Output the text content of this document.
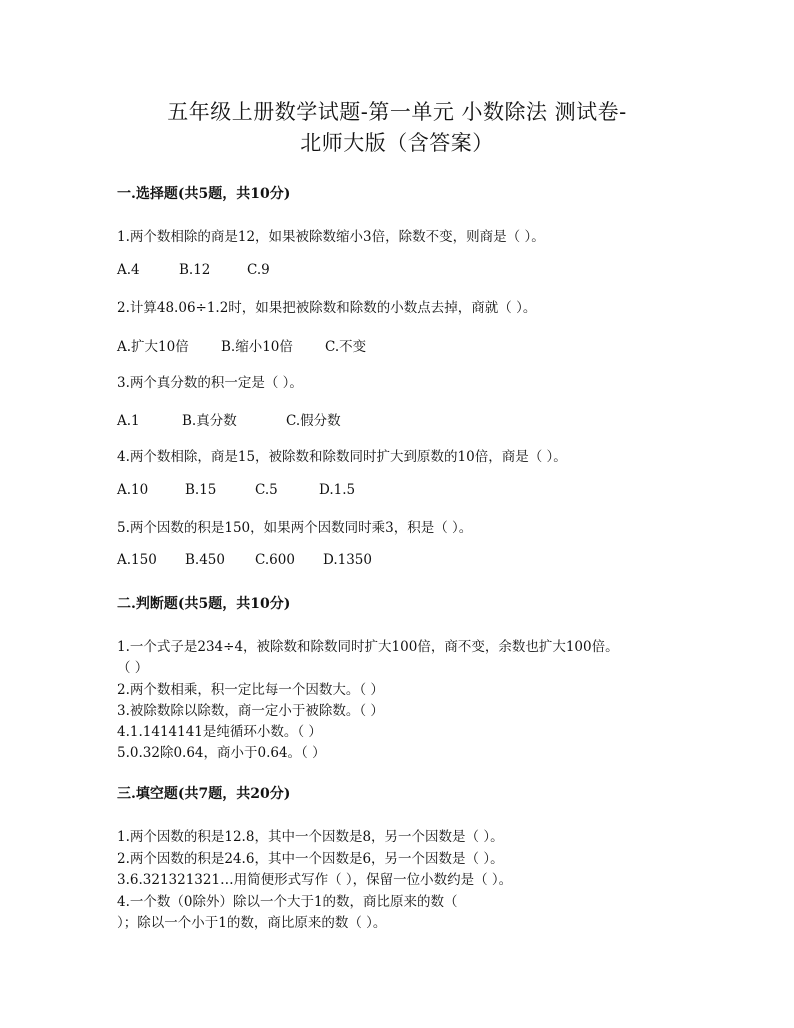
五年级上册数学试题-第一单元 小数除法 测试卷-
北师大版（含答案）
一.选择题(共5题，共10分)
1.两个数相除的商是12，如果被除数缩小3倍，除数不变，则商是（ ）。
A.4	B.12	C.9
2.计算48.06÷1.2时，如果把被除数和除数的小数点去掉，商就（ ）。
A.扩大10倍 B.缩小10倍 C.不变
3.两个真分数的积一定是（ ）。
A.1	B.真分数	C.假分数
4.两个数相除，商是15，被除数和除数同时扩大到原数的10倍，商是（ ）。
A.10	B.15	C.5	D.1.5
5.两个因数的积是150，如果两个因数同时乘3，积是（ ）。
A.150 B.450 C.600 D.1350
二.判断题(共5题，共10分)
1.一个式子是234÷4，被除数和除数同时扩大100倍，商不变，余数也扩大100倍。
（ ）
2.两个数相乘，积一定比每一个因数大。（ ）
3.被除数除以除数，商一定小于被除数。（ ）
4.1.1414141是纯循环小数。（ ）
5.0.32除0.64，商小于0.64。（ ）
三.填空题(共7题，共20分)
1.两个因数的积是12.8，其中一个因数是8，另一个因数是（ ）。
2.两个因数的积是24.6，其中一个因数是6，另一个因数是（ ）。
3.6.321321321…用简便形式写作（ ），保留一位小数约是（ ）。
4.一个数（0除外）除以一个大于1的数，商比原来的数（
）；除以一个小于1的数，商比原来的数（ ）。
